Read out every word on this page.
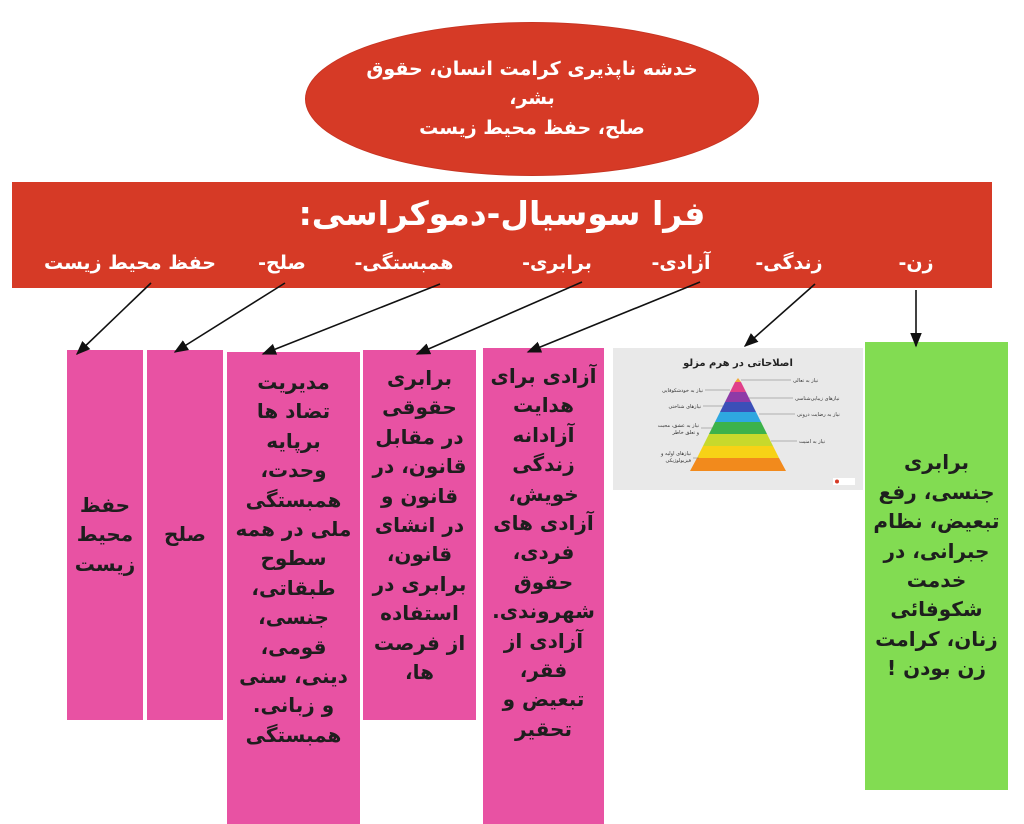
خدشه ناپذیری کرامت انسان، حقوق بشر،
صلح، حفظ محیط زیست
فرا سوسیال-دموکراسی:
زن-
زندگی-
آزادی-
برابری-
همبستگی-
صلح-
حفظ محیط زیست
حفظ محیط زیست
صلح
مدیریت تضاد ها برپایه وحدت، همبستگی ملی در همه سطوح طبقاتی، جنسی، قومی، دینی، سنی و زبانی. همبستگی
برابری حقوقی در مقابل قانون، در قانون و در انشای قانون، برابری در استفاده از فرصت ها،
آزادی برای هدایت آزادانه زندگی خویش، آزادی های فردی، حقوق شهروندی. آزادی از فقر، تبعیض و تحقیر
برابری جنسی، رفع تبعیض، نظام جبرانی، در خدمت شکوفائی زنان، کرامت زن بودن !
اصلاحاتی در هرم مزلو
نیاز به تعالی
نیاز به خودشکوفایی
نیازهای زیبایی‌شناسی
نیازهای شناختی
نیاز به رضایت درونی
نیاز به عشق، محبت
و تعلق خاطر
نیاز به امنیت
نیازهای اولیه و
فیزیولوژیکی
